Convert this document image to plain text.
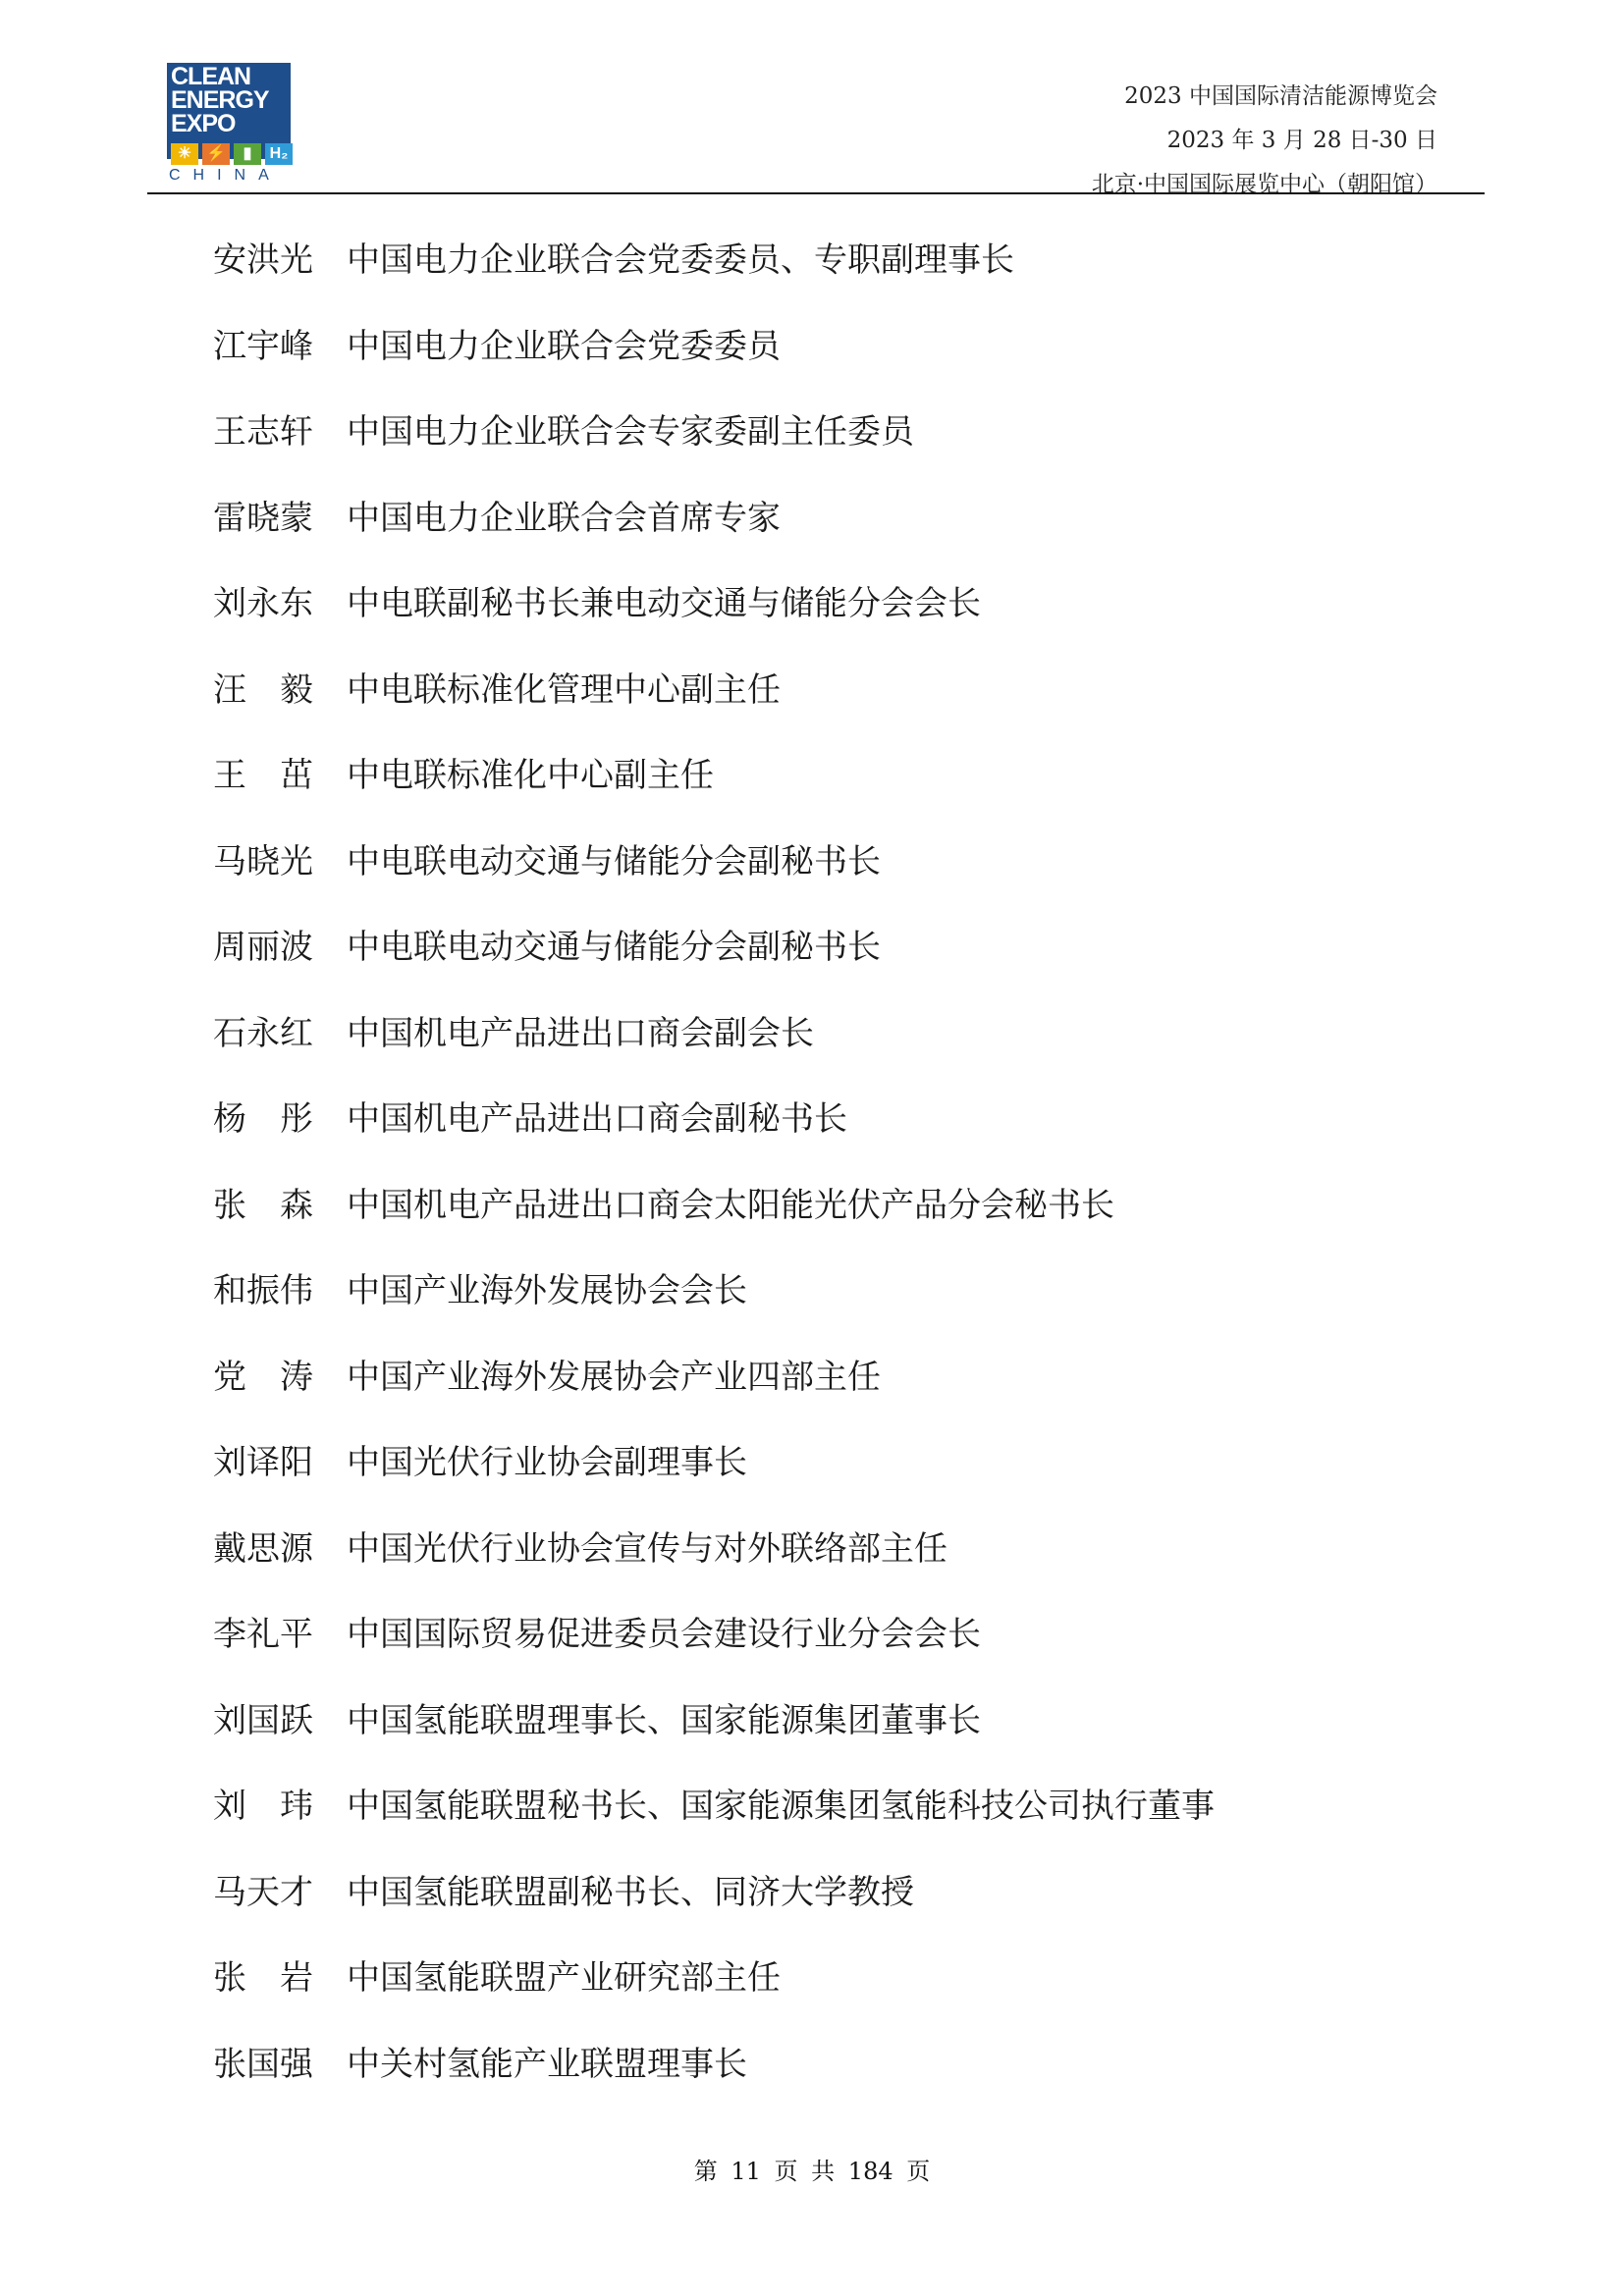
CLEAN
ENERGY
EXPO
☀ ⚡	▮	H₂
CHINA
2023 中国国际清洁能源博览会
2023 年 3 月 28 日-30 日
北京·中国国际展览中心（朝阳馆）
安洪光	中国电力企业联合会党委委员、专职副理事长
江宇峰	中国电力企业联合会党委委员
王志轩	中国电力企业联合会专家委副主任委员
雷晓蒙	中国电力企业联合会首席专家
刘永东	中电联副秘书长兼电动交通与储能分会会长
汪毅 中电联标准化管理中心副主任
王茁 中电联标准化中心副主任
马晓光	中电联电动交通与储能分会副秘书长
周丽波	中电联电动交通与储能分会副秘书长
石永红	中国机电产品进出口商会副会长
杨彤 中国机电产品进出口商会副秘书长
张森 中国机电产品进出口商会太阳能光伏产品分会秘书长
和振伟	中国产业海外发展协会会长
党涛 中国产业海外发展协会产业四部主任
刘译阳	中国光伏行业协会副理事长
戴思源	中国光伏行业协会宣传与对外联络部主任
李礼平	中国国际贸易促进委员会建设行业分会会长
刘国跃	中国氢能联盟理事长、国家能源集团董事长
刘玮 中国氢能联盟秘书长、国家能源集团氢能科技公司执行董事
马天才	中国氢能联盟副秘书长、同济大学教授
张岩 中国氢能联盟产业研究部主任
张国强	中关村氢能产业联盟理事长
第 11 页 共 184 页
